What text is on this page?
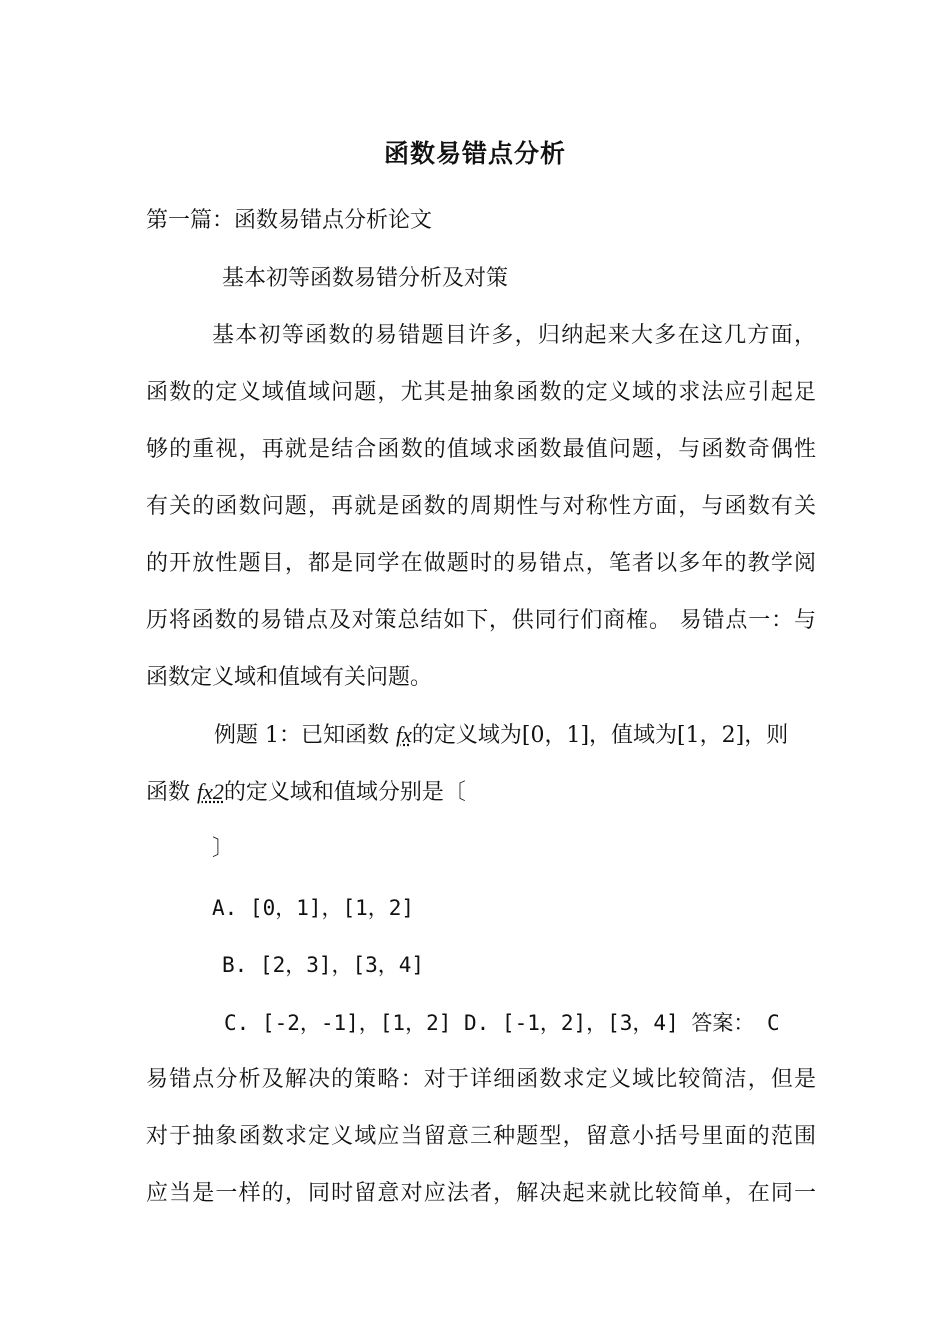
函数易错点分析
第一篇：函数易错点分析论文
基本初等函数易错分析及对策
基本初等函数的易错题目许多，归纳起来大多在这几方面，
函数的定义域值域问题，尤其是抽象函数的定义域的求法应引起足
够的重视，再就是结合函数的值域求函数最值问题，与函数奇偶性
有关的函数问题，再就是函数的周期性与对称性方面，与函数有关
的开放性题目，都是同学在做题时的易错点，笔者以多年的教学阅
历将函数的易错点及对策总结如下，供同行们商榷。 易错点一：与
函数定义域和值域有关问题。
例题 1：已知函数 fx的定义域为[0，1]，值域为[1，2]，则
函数 fx2的定义域和值域分别是〔
〕
A. [0，1]，[1，2]
B. [2，3]，[3，4]
C. [-2，-1]，[1，2] D. [-1，2]，[3，4] 答案： C
易错点分析及解决的策略：对于详细函数求定义域比较简洁，但是
对于抽象函数求定义域应当留意三种题型，留意小括号里面的范围
应当是一样的，同时留意对应法者，解决起来就比较简单，在同一
